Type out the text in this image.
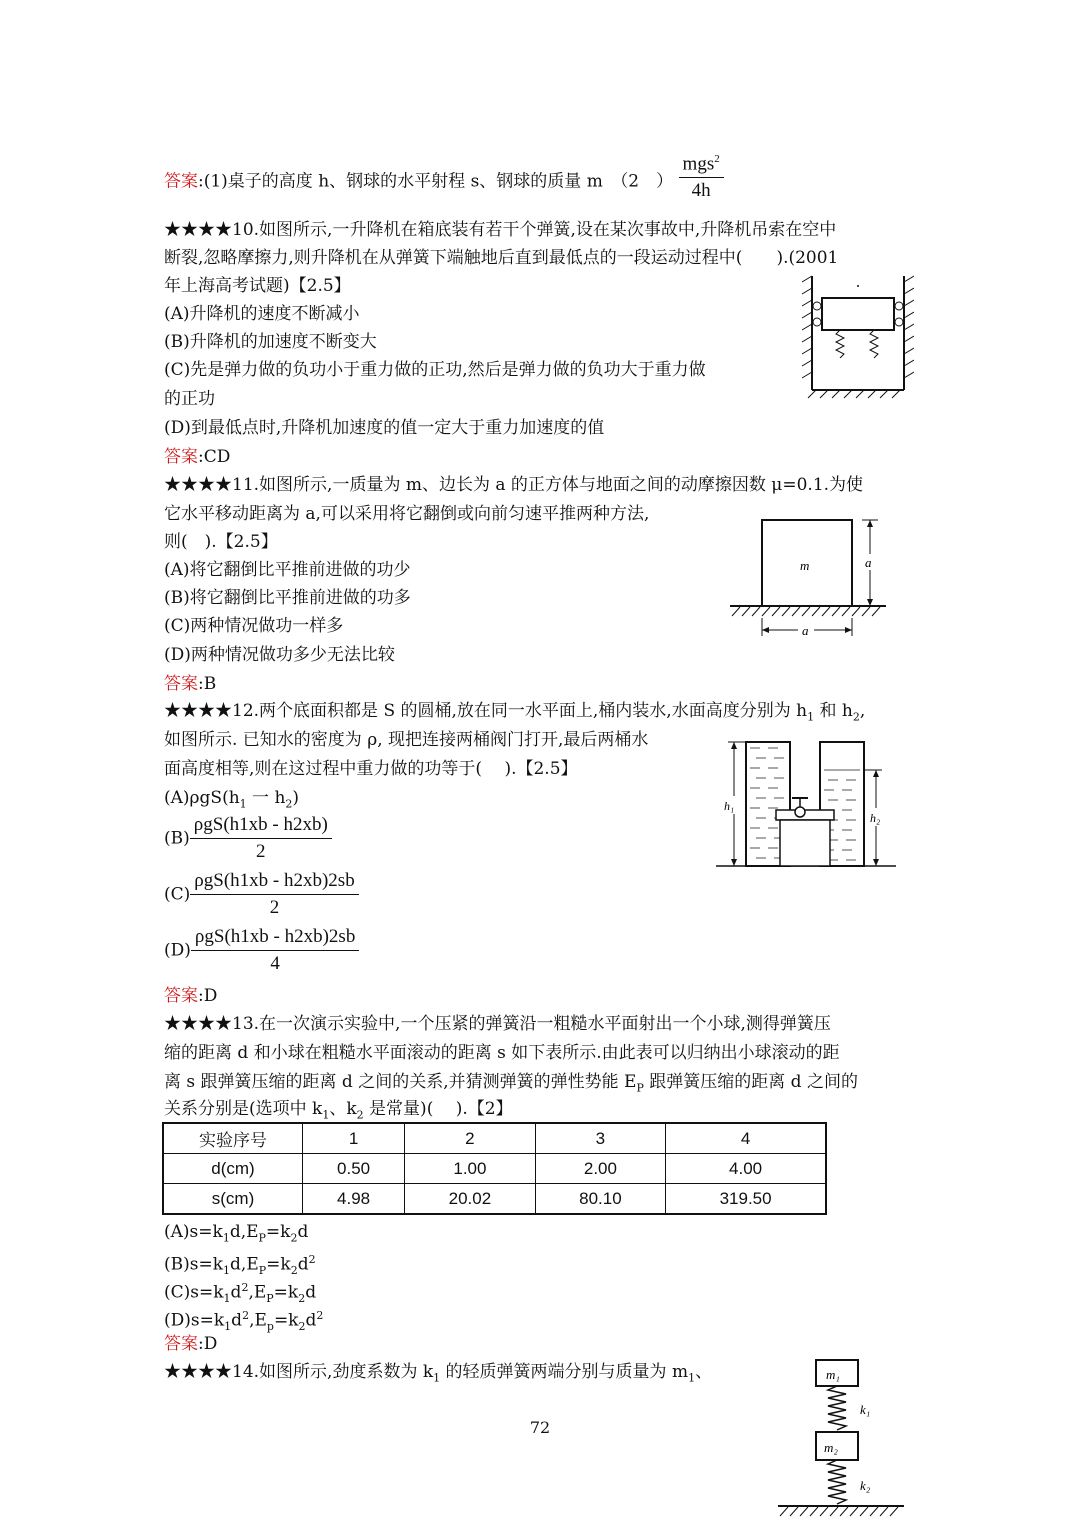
答案:(1)桌子的高度 h、钢球的水平射程 s、钢球的质量 m　（2　） $\frac{mgs^2}{4h}$
★★★★10.如图所示,一升降机在箱底装有若干个弹簧,设在某次事故中,升降机吊索在空中
断裂,忽略摩擦力,则升降机在从弹簧下端触地后直到最低点的一段运动过程中(　　).(2001
年上海高考试题)【2.5】
(A)升降机的速度不断减小
(B)升降机的加速度不断变大
(C)先是弹力做的负功小于重力做的正功,然后是弹力做的负功大于重力做
的正功
(D)到最低点时,升降机加速度的值一定大于重力加速度的值
答案:CD
★★★★11.如图所示,一质量为 m、边长为 a 的正方体与地面之间的动摩擦因数 μ=0.1.为使
它水平移动距离为 a,可以采用将它翻倒或向前匀速平推两种方法,
则(　).【2.5】
(A)将它翻倒比平推前进做的功少
(B)将它翻倒比平推前进做的功多
(C)两种情况做功一样多
(D)两种情况做功多少无法比较
答案:B
m	a
a
★★★★12.两个底面积都是 S 的圆桶,放在同一水平面上,桶内装水,水面高度分别为 $h_1$ 和 $h_2$,
如图所示. 已知水的密度为 ρ, 现把连接两桶阀门打开,最后两桶水
面高度相等,则在这过程中重力做的功等于(　 ).【2.5】
$(A)\rho gS(h_1$ 一 $h_2$)
$(B) \frac{\text{ρgS(h1xb - h2xb)}}{2}$
$(C) \frac{\text{ρgS(h1xb - h2xb)2sb}}{2}$
$(D) \frac{\text{ρgS(h1xb - h2xb)2sb}}{4}$
答案:D
h₁
h₂
★★★★13.在一次演示实验中,一个压紧的弹簧沿一粗糙水平面射出一个小球,测得弹簧压
缩的距离 d 和小球在粗糙水平面滚动的距离 s 如下表所示.由此表可以归纳出小球滚动的距
离 s 跟弹簧压缩的距离 d 之间的关系,并猜测弹簧的弹性势能 $E_P$ 跟弹簧压缩的距离 d 之间的
关系分别是(选项中 $k_1$、$k_2$ 是常量)(　 ).【2】
实验序号	1	2	3	4
d(cm)	0.50	1.00	2.00	4.00
s(cm)	4.98	20.02	80.10	319.50
$(A)s=k_1d,E_P=k_2d$
$(B)s=k_1d,E_P=k_2d^2$
$(C)s=k_1d^2,E_P=k_2d$
$(D)s=k_1d^2,E_p=k_2d^2$
答案:D
★★★★14.如图所示,劲度系数为 $k_1$ 的轻质弹簧两端分别与质量为 $m_1$、	m₁
k₁
m₂
k₂
72
